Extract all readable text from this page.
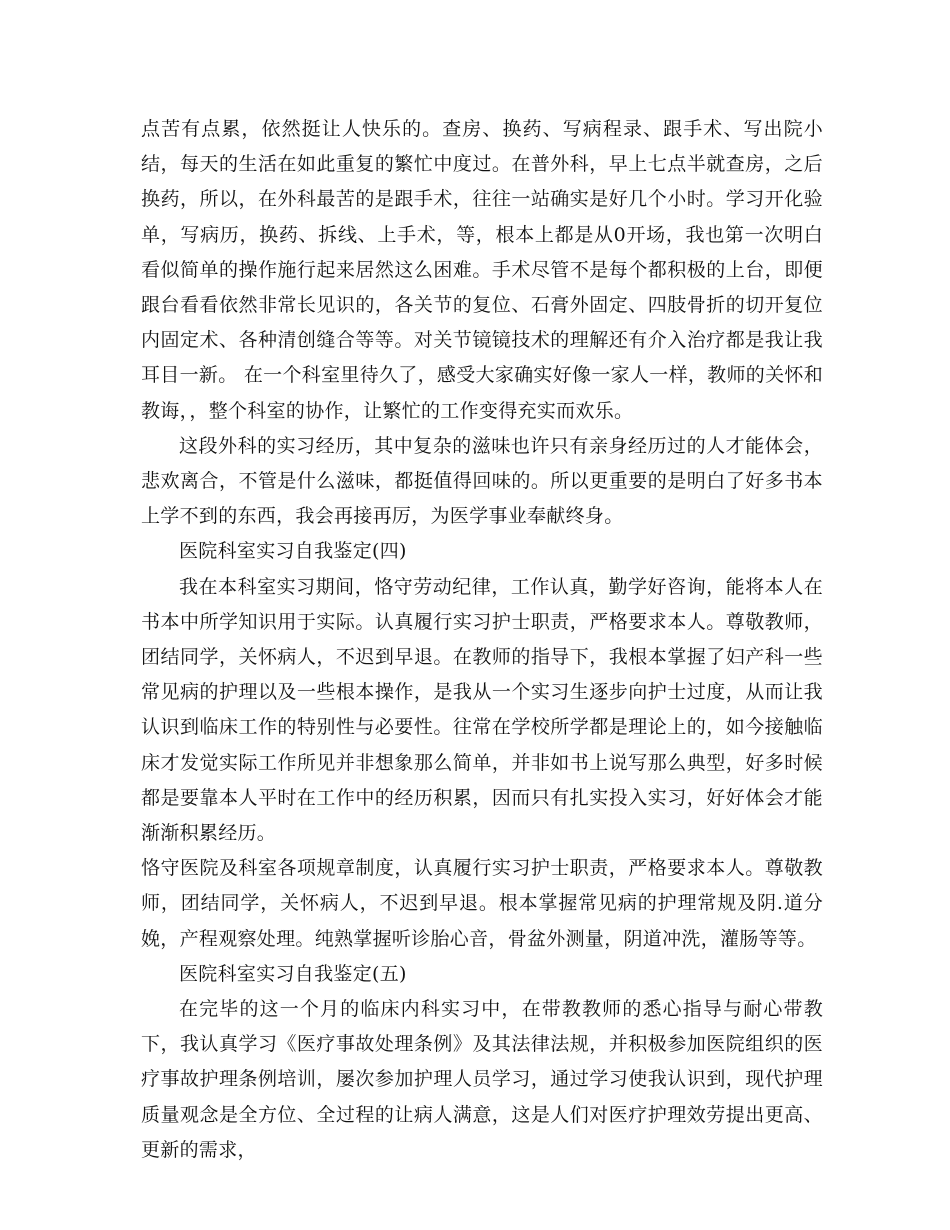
点苦有点累，依然挺让人快乐的。查房、换药、写病程录、跟手术、写出院小结，每天的生活在如此重复的繁忙中度过。在普外科，早上七点半就查房，之后换药，所以，在外科最苦的是跟手术，往往一站确实是好几个小时。学习开化验单，写病历，换药、拆线、上手术，等，根本上都是从0开场，我也第一次明白看似简单的操作施行起来居然这么困难。手术尽管不是每个都积极的上台，即便跟台看看依然非常长见识的，各关节的复位、石膏外固定、四肢骨折的切开复位内固定术、各种清创缝合等等。对关节镜镜技术的理解还有介入治疗都是我让我耳目一新。 在一个科室里待久了，感受大家确实好像一家人一样，教师的关怀和教诲，，整个科室的协作，让繁忙的工作变得充实而欢乐。

这段外科的实习经历，其中复杂的滋味也许只有亲身经历过的人才能体会，悲欢离合，不管是什么滋味，都挺值得回味的。所以更重要的是明白了好多书本上学不到的东西，我会再接再厉，为医学事业奉献终身。

医院科室实习自我鉴定(四)

我在本科室实习期间，恪守劳动纪律，工作认真，勤学好咨询，能将本人在书本中所学知识用于实际。认真履行实习护士职责，严格要求本人。尊敬教师，团结同学，关怀病人，不迟到早退。在教师的指导下，我根本掌握了妇产科一些常见病的护理以及一些根本操作，是我从一个实习生逐步向护士过度，从而让我认识到临床工作的特别性与必要性。往常在学校所学都是理论上的，如今接触临床才发觉实际工作所见并非想象那么简单，并非如书上说写那么典型，好多时候都是要靠本人平时在工作中的经历积累，因而只有扎实投入实习，好好体会才能渐渐积累经历。

恪守医院及科室各项规章制度，认真履行实习护士职责，严格要求本人。尊敬教师，团结同学，关怀病人，不迟到早退。根本掌握常见病的护理常规及阴.道分娩，产程观察处理。纯熟掌握听诊胎心音，骨盆外测量，阴道冲洗，灌肠等等。

医院科室实习自我鉴定(五)

在完毕的这一个月的临床内科实习中，在带教教师的悉心指导与耐心带教下，我认真学习《医疗事故处理条例》及其法律法规，并积极参加医院组织的医疗事故护理条例培训，屡次参加护理人员学习，通过学习使我认识到，现代护理质量观念是全方位、全过程的让病人满意，这是人们对医疗护理效劳提出更高、更新的需求，
